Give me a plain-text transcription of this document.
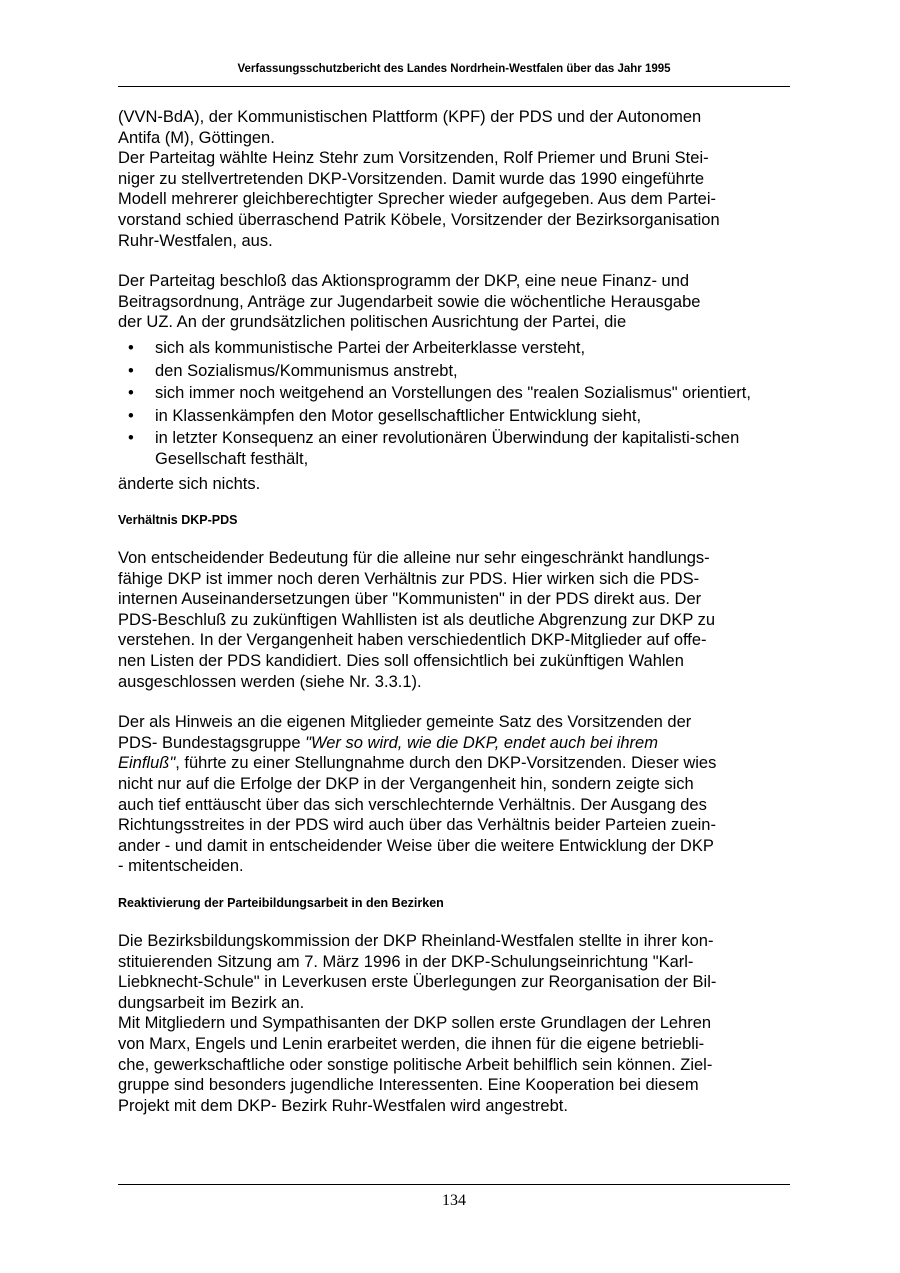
Verfassungsschutzbericht des Landes Nordrhein-Westfalen über das Jahr 1995

(VVN-BdA), der Kommunistischen Plattform (KPF) der PDS und der Autonomen
Antifa (M), Göttingen.
Der Parteitag wählte Heinz Stehr zum Vorsitzenden, Rolf Priemer und Bruni Stei-
niger zu stellvertretenden DKP-Vorsitzenden. Damit wurde das 1990 eingeführte
Modell mehrerer gleichberechtigter Sprecher wieder aufgegeben. Aus dem Partei-
vorstand schied überraschend Patrik Köbele, Vorsitzender der Bezirksorganisation
Ruhr-Westfalen, aus.

Der Parteitag beschloß das Aktionsprogramm der DKP, eine neue Finanz- und
Beitragsordnung, Anträge zur Jugendarbeit sowie die wöchentliche Herausgabe
der UZ. An der grundsätzlichen politischen Ausrichtung der Partei, die

• sich als kommunistische Partei der Arbeiterklasse versteht,
• den Sozialismus/Kommunismus anstrebt,
• sich immer noch weitgehend an Vorstellungen des "realen Sozialismus" orientiert,
• in Klassenkämpfen den Motor gesellschaftlicher Entwicklung sieht,
• in letzter Konsequenz an einer revolutionären Überwindung der kapitalisti-schen Gesellschaft festhält,

änderte sich nichts.

Verhältnis DKP-PDS

Von entscheidender Bedeutung für die alleine nur sehr eingeschränkt handlungs-
fähige DKP ist immer noch deren Verhältnis zur PDS. Hier wirken sich die PDS-
internen Auseinandersetzungen über "Kommunisten" in der PDS direkt aus. Der
PDS-Beschluß zu zukünftigen Wahllisten ist als deutliche Abgrenzung zur DKP zu
verstehen. In der Vergangenheit haben verschiedentlich DKP-Mitglieder auf offe-
nen Listen der PDS kandidiert. Dies soll offensichtlich bei zukünftigen Wahlen
ausgeschlossen werden (siehe Nr. 3.3.1).

Der als Hinweis an die eigenen Mitglieder gemeinte Satz des Vorsitzenden der
PDS- Bundestagsgruppe "Wer so wird, wie die DKP, endet auch bei ihrem
Einfluß", führte zu einer Stellungnahme durch den DKP-Vorsitzenden. Dieser wies
nicht nur auf die Erfolge der DKP in der Vergangenheit hin, sondern zeigte sich
auch tief enttäuscht über das sich verschlechternde Verhältnis. Der Ausgang des
Richtungsstreites in der PDS wird auch über das Verhältnis beider Parteien zuein-
ander - und damit in entscheidender Weise über die weitere Entwicklung der DKP
- mitentscheiden.

Reaktivierung der Parteibildungsarbeit in den Bezirken

Die Bezirksbildungskommission der DKP Rheinland-Westfalen stellte in ihrer kon-
stituierenden Sitzung am 7. März 1996 in der DKP-Schulungseinrichtung "Karl-
Liebknecht-Schule" in Leverkusen erste Überlegungen zur Reorganisation der Bil-
dungsarbeit im Bezirk an.
Mit Mitgliedern und Sympathisanten der DKP sollen erste Grundlagen der Lehren
von Marx, Engels und Lenin erarbeitet werden, die ihnen für die eigene betriebli-
che, gewerkschaftliche oder sonstige politische Arbeit behilflich sein können. Ziel-
gruppe sind besonders jugendliche Interessenten. Eine Kooperation bei diesem
Projekt mit dem DKP- Bezirk Ruhr-Westfalen wird angestrebt.

134
